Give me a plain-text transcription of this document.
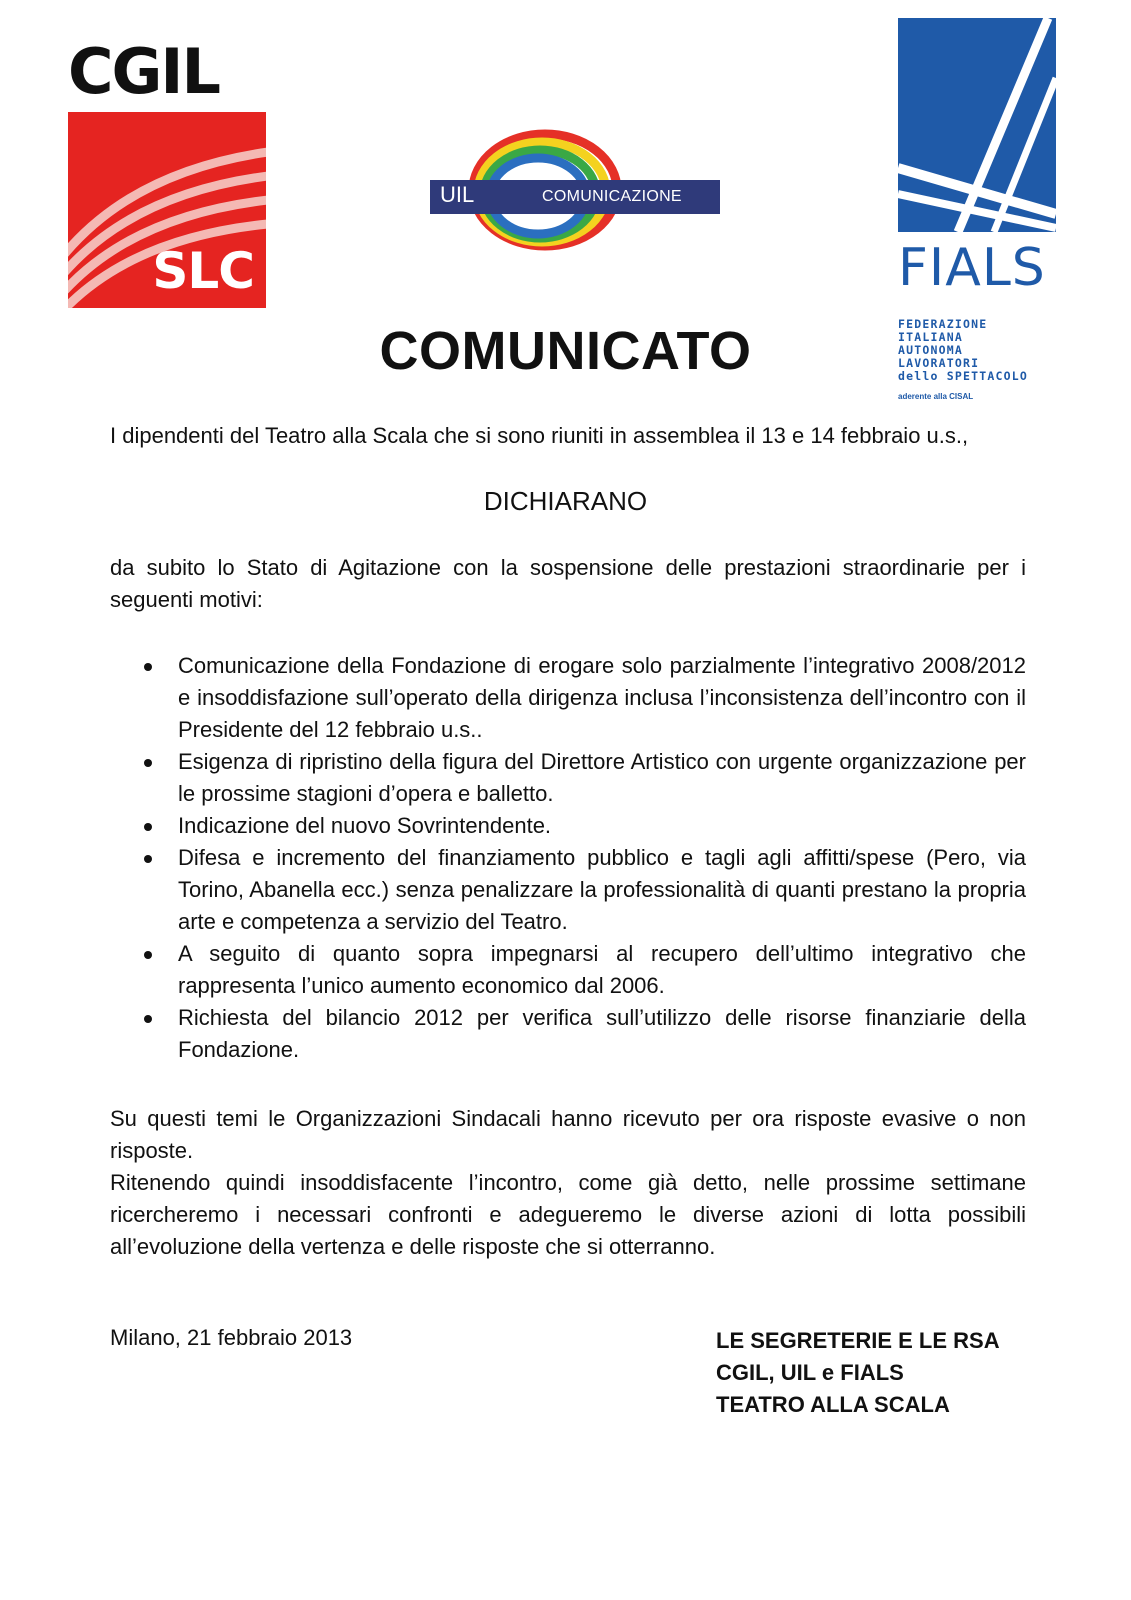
CGIL
SLC
UIL	COMUNICAZIONE
FIALS
FEDERAZIONE
ITALIANA
AUTONOMA
LAVORATORI
dello SPETTACOLO
aderente alla CISAL
COMUNICATO
I dipendenti del Teatro alla Scala che si sono riuniti in assemblea il 13 e 14 febbraio u.s.,
DICHIARANO
da subito lo Stato di Agitazione con la sospensione delle prestazioni straordinarie per i seguenti motivi:
Comunicazione della Fondazione di erogare solo parzialmente l’integrativo 2008/2012 e insoddisfazione sull’operato della dirigenza inclusa l’inconsistenza dell’incontro con il Presidente del 12 febbraio u.s..
Esigenza di ripristino della figura del Direttore Artistico con urgente organizzazione per le prossime stagioni d’opera e balletto.
Indicazione del nuovo Sovrintendente.
Difesa e incremento del finanziamento pubblico e tagli agli affitti/spese (Pero, via Torino, Abanella ecc.) senza penalizzare la professionalità di quanti prestano la propria arte e competenza a servizio del Teatro.
A seguito di quanto sopra impegnarsi al recupero dell’ultimo integrativo che rappresenta l’unico aumento economico dal 2006.
Richiesta del bilancio 2012 per verifica sull’utilizzo delle risorse finanziarie della Fondazione.
Su questi temi le Organizzazioni Sindacali hanno ricevuto per ora risposte evasive o non risposte.
Ritenendo quindi insoddisfacente l’incontro, come già detto, nelle prossime settimane ricercheremo i necessari confronti e adegueremo le diverse azioni di lotta possibili all’evoluzione della vertenza e delle risposte che si otterranno.
Milano, 21 febbraio 2013	LE SEGRETERIE E LE RSA
CGIL, UIL e FIALS
TEATRO ALLA SCALA
